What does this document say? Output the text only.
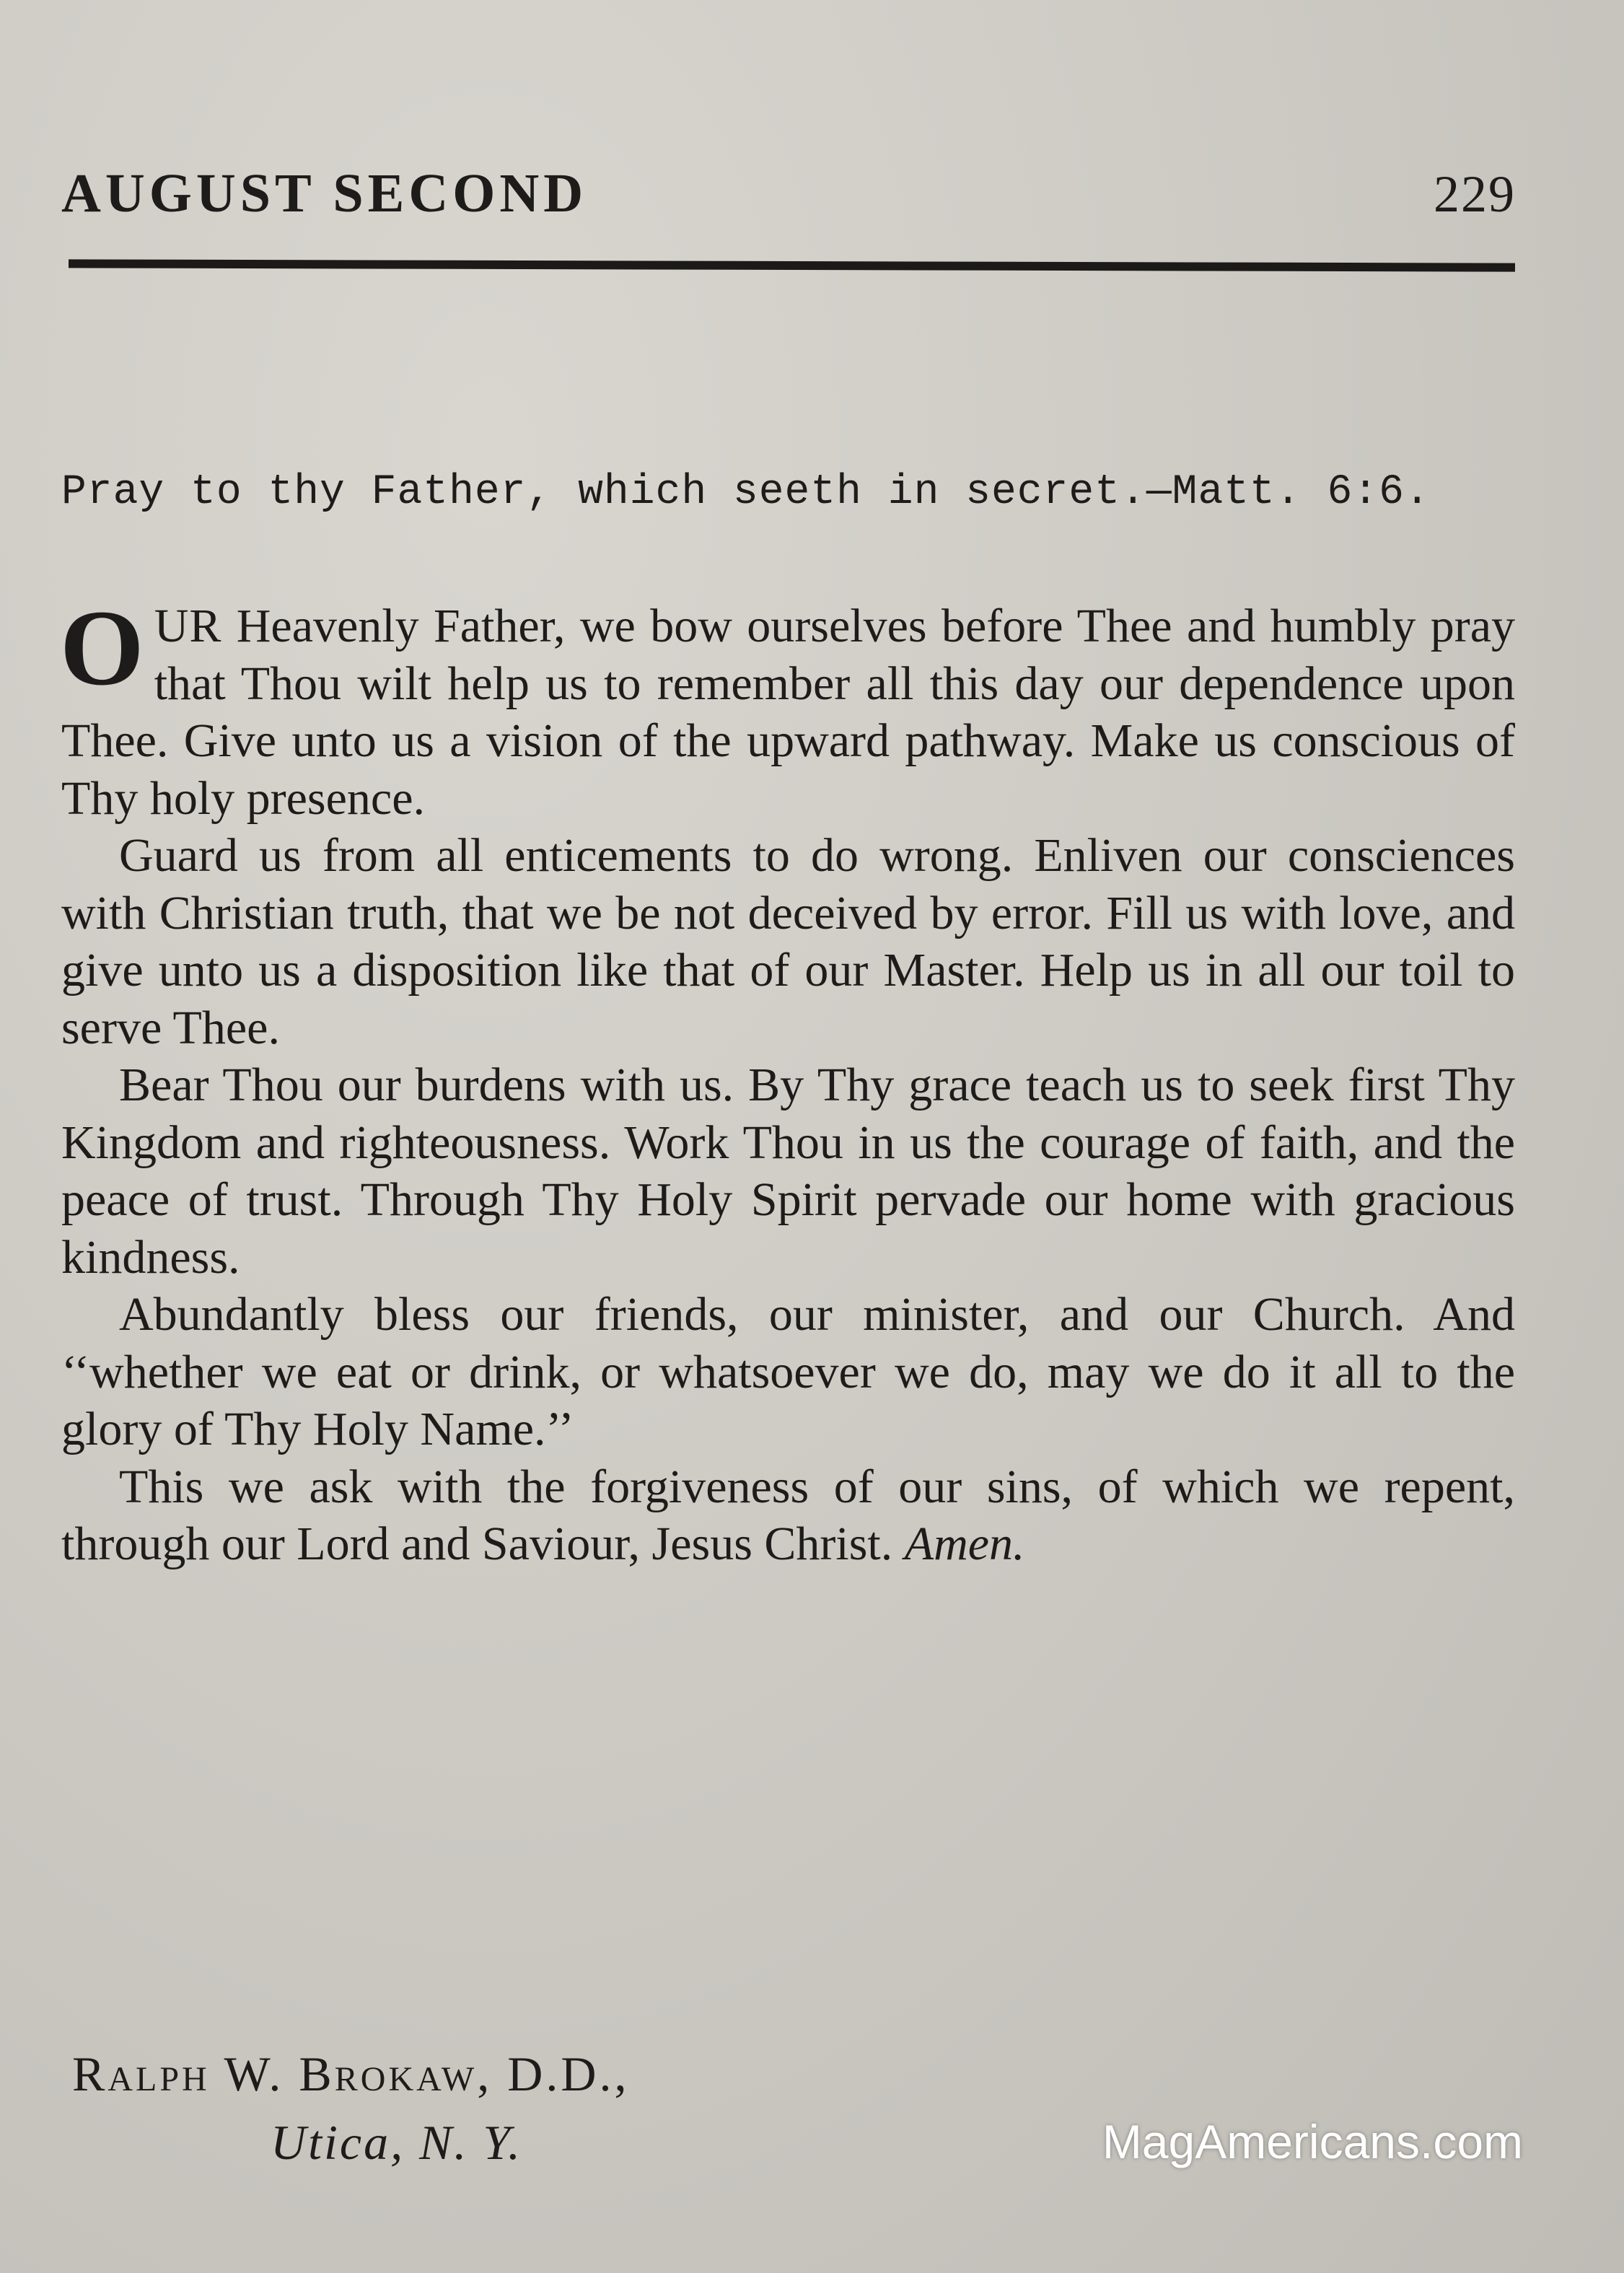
AUGUST SECOND	229
Pray to thy Father, which seeth in secret.—Matt. 6:6.

OUR Heavenly Father, we bow ourselves before Thee and humbly pray that Thou wilt help us to remember all this day our dependence upon Thee. Give unto us a vision of the upward pathway. Make us conscious of Thy holy presence.

Guard us from all enticements to do wrong. Enliven our consciences with Christian truth, that we be not deceived by error. Fill us with love, and give unto us a disposition like that of our Master. Help us in all our toil to serve Thee.

Bear Thou our burdens with us. By Thy grace teach us to seek first Thy Kingdom and righteousness. Work Thou in us the courage of faith, and the peace of trust. Through Thy Holy Spirit pervade our home with gracious kindness.

Abundantly bless our friends, our minister, and our Church. And ‘‘whether we eat or drink, or whatsoever we do, may we do it all to the glory of Thy Holy Name.’’

This we ask with the forgiveness of our sins, of which we repent, through our Lord and Saviour, Jesus Christ. Amen.

Ralph W. Brokaw, D.D.,
Utica, N. Y.	MagAmericans.com
